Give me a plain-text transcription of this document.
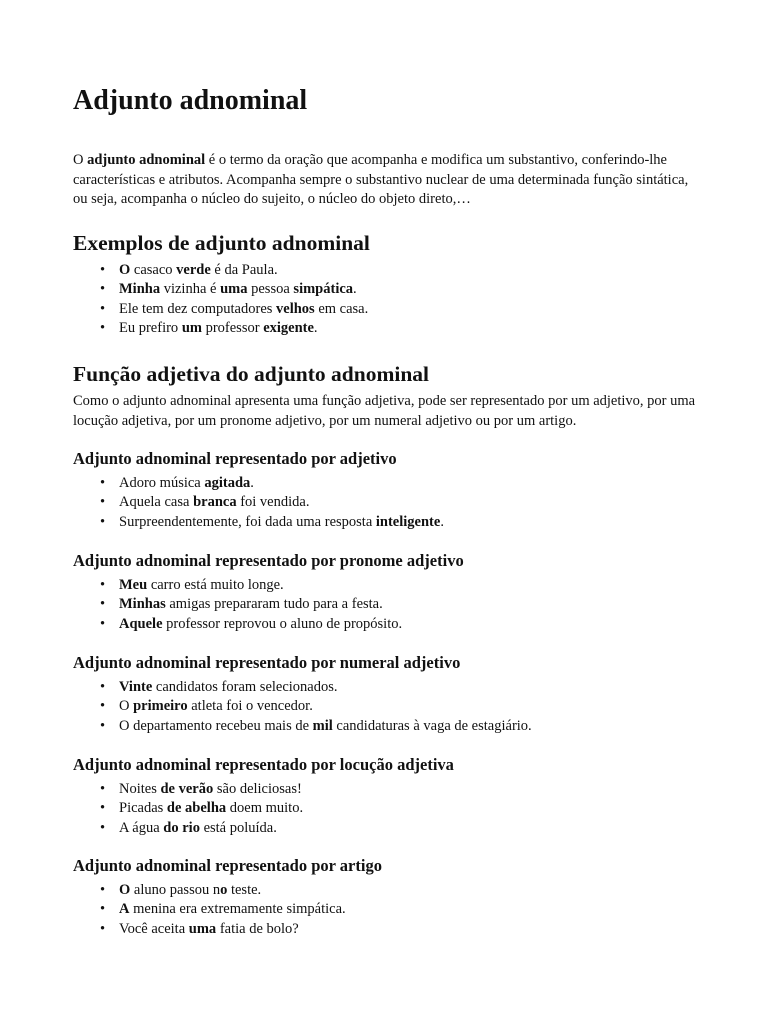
Adjunto adnominal

O adjunto adnominal é o termo da oração que acompanha e modifica um substantivo, conferindo-lhe características e atributos. Acompanha sempre o substantivo nuclear de uma determinada função sintática, ou seja, acompanha o núcleo do sujeito, o núcleo do objeto direto,…

Exemplos de adjunto adnominal
• O casaco verde é da Paula.
• Minha vizinha é uma pessoa simpática.
• Ele tem dez computadores velhos em casa.
• Eu prefiro um professor exigente.
Função adjetiva do adjunto adnominal

Como o adjunto adnominal apresenta uma função adjetiva, pode ser representado por um adjetivo, por uma locução adjetiva, por um pronome adjetivo, por um numeral adjetivo ou por um artigo.

Adjunto adnominal representado por adjetivo
• Adoro música agitada.
• Aquela casa branca foi vendida.
• Surpreendentemente, foi dada uma resposta inteligente.
Adjunto adnominal representado por pronome adjetivo
• Meu carro está muito longe.
• Minhas amigas prepararam tudo para a festa.
• Aquele professor reprovou o aluno de propósito.
Adjunto adnominal representado por numeral adjetivo
• Vinte candidatos foram selecionados.
• O primeiro atleta foi o vencedor.
• O departamento recebeu mais de mil candidaturas à vaga de estagiário.
Adjunto adnominal representado por locução adjetiva
• Noites de verão são deliciosas!
• Picadas de abelha doem muito.
• A água do rio está poluída.
Adjunto adnominal representado por artigo
• O aluno passou no teste.
• A menina era extremamente simpática.
• Você aceita uma fatia de bolo?
